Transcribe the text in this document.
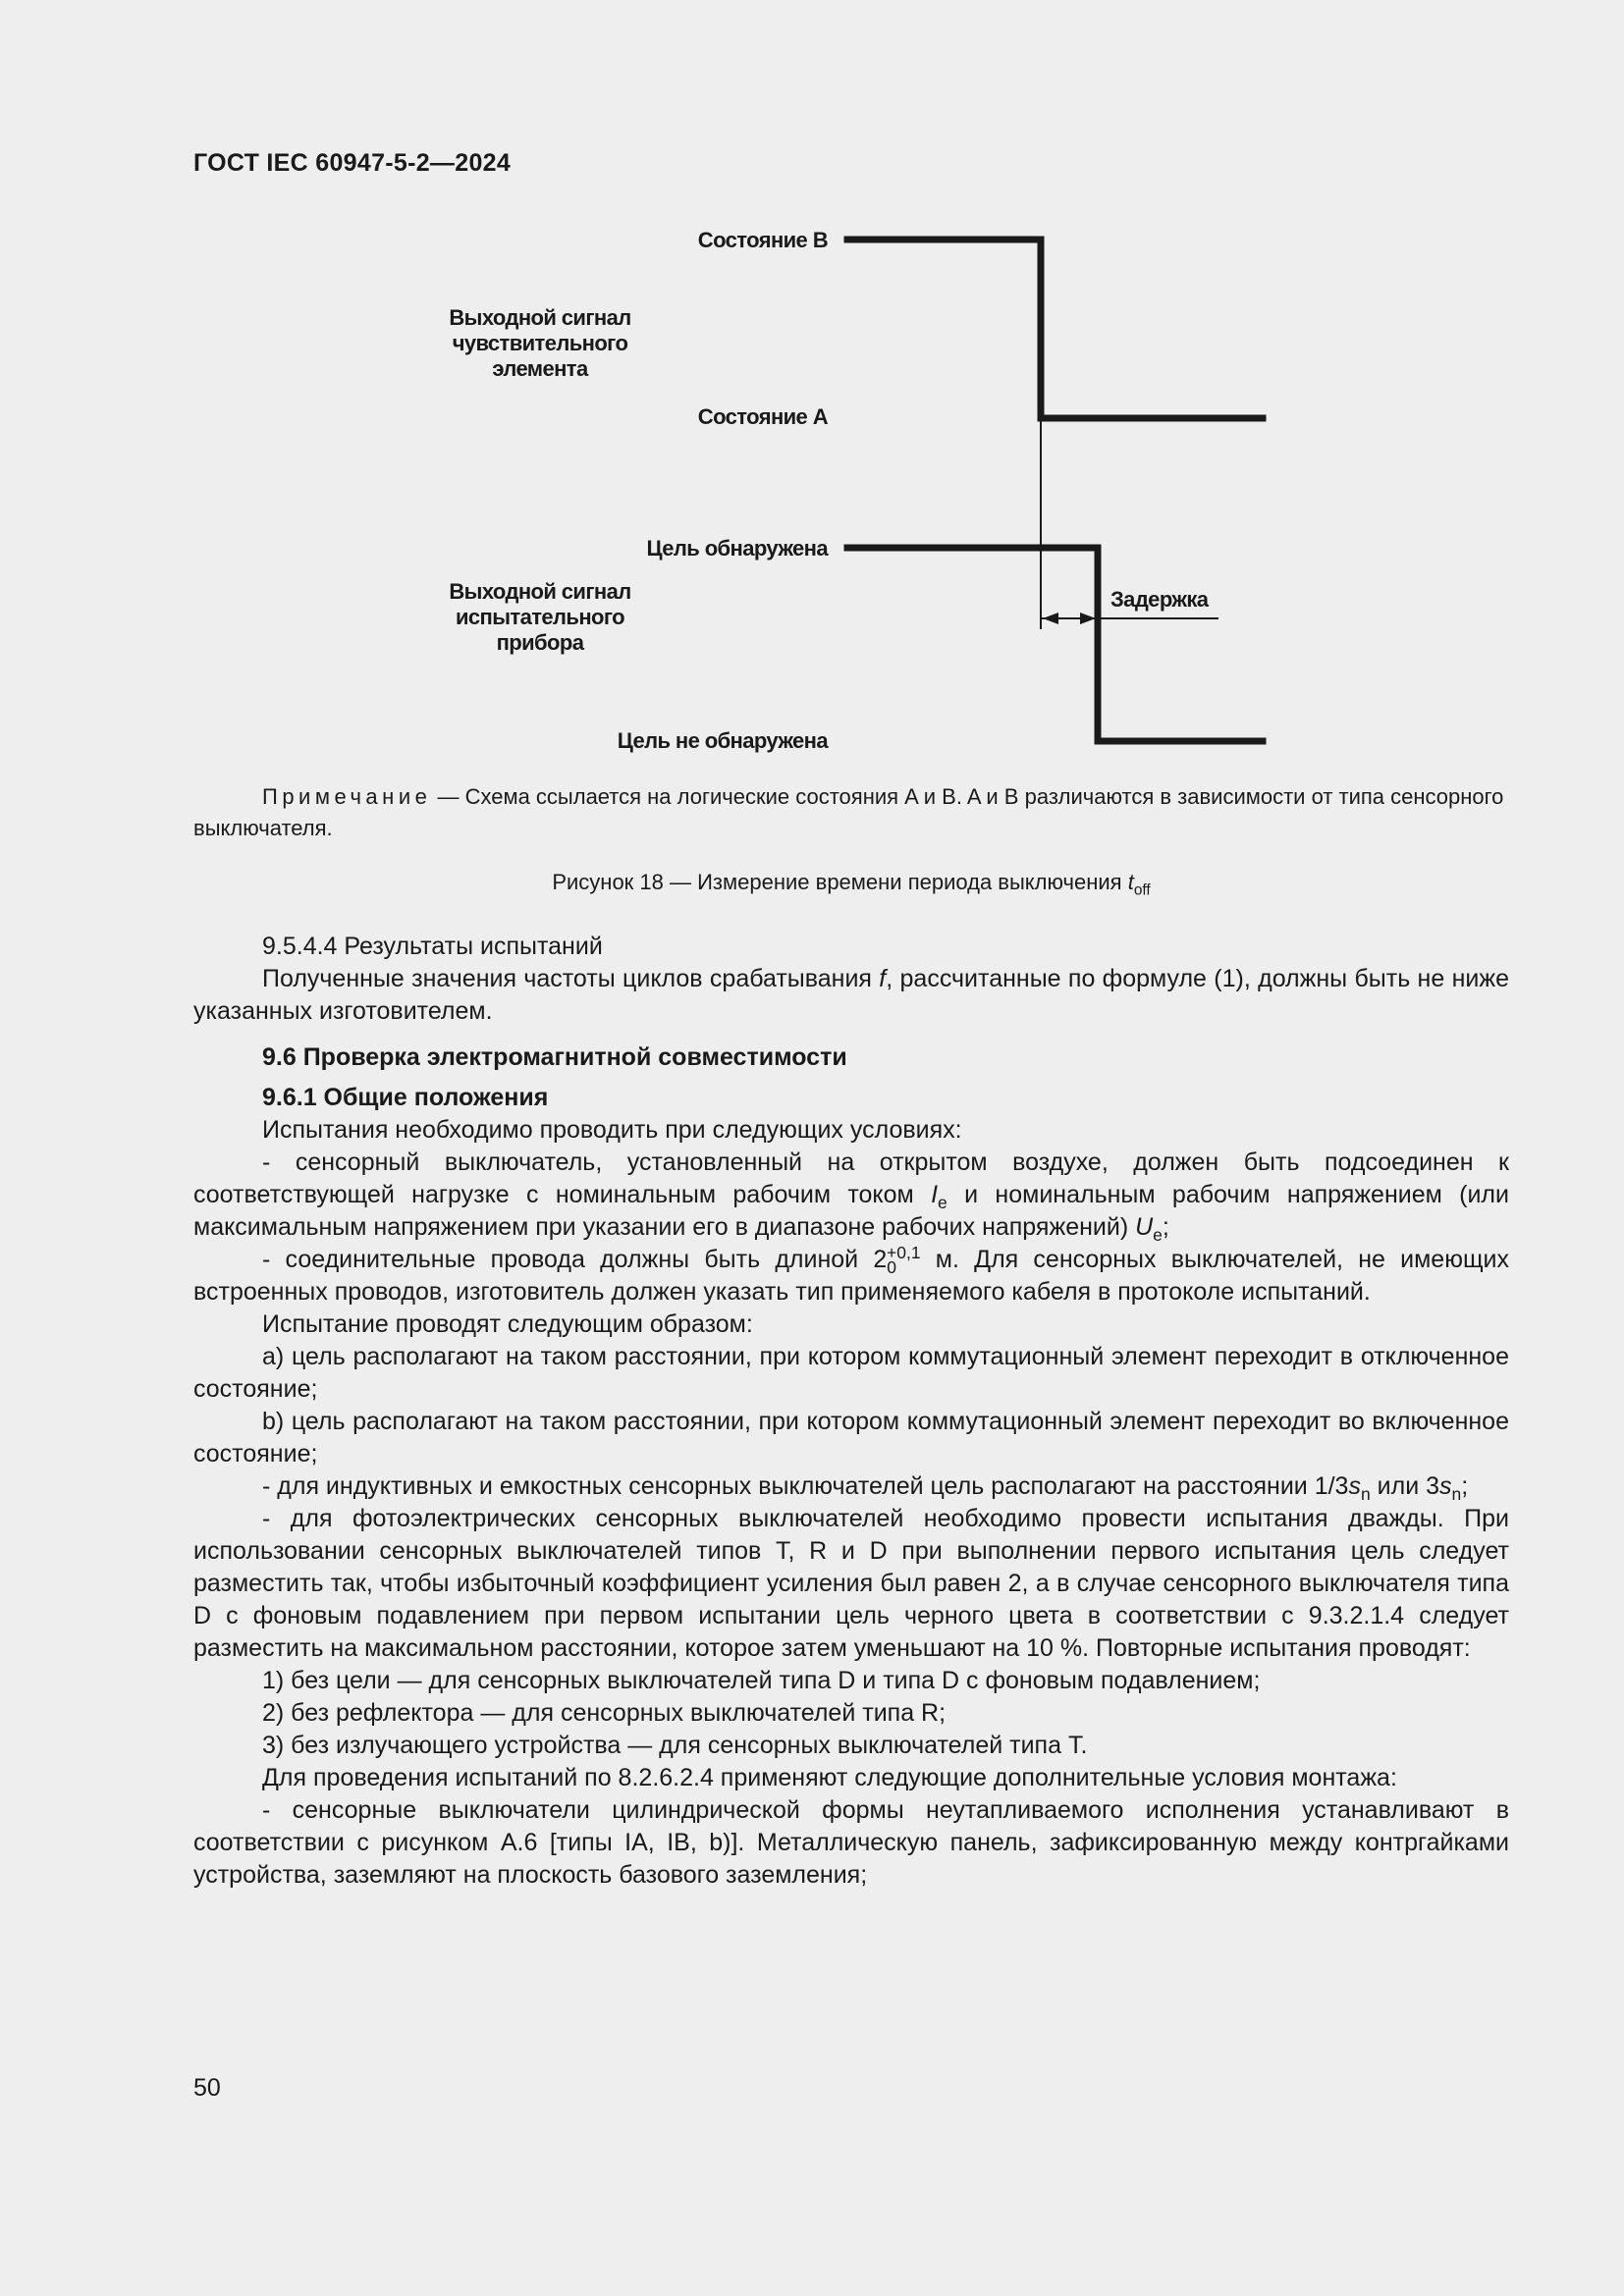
ГОСТ IEC 60947-5-2—2024
Состояние B
Состояние A
Выходной сигнал
чувствительного
элемента
Цель обнаружена
Выходной сигнал
испытательного
прибора
Цель не обнаружена
Задержка
Примечание — Схема ссылается на логические состояния A и B. A и B различаются в зависимости от типа сенсорного выключателя.
Рисунок 18 — Измерение времени периода выключения $t_{off}$

9.5.4.4 Результаты испытаний

Полученные значения частоты циклов срабатывания f, рассчитанные по формуле (1), должны быть не ниже указанных изготовителем.

9.6 Проверка электромагнитной совместимости

9.6.1 Общие положения

Испытания необходимо проводить при следующих условиях:

- сенсорный выключатель, установленный на открытом воздухе, должен быть подсоединен к соответствующей нагрузке с номинальным рабочим током $I_e$ и номинальным рабочим напряжением (или максимальным напряжением при указании его в диапазоне рабочих напряжений) $U_e$;

- соединительные провода должны быть длиной $2_0^{+0,1}$ м. Для сенсорных выключателей, не имеющих встроенных проводов, изготовитель должен указать тип применяемого кабеля в протоколе испытаний.

Испытание проводят следующим образом:

a) цель располагают на таком расстоянии, при котором коммутационный элемент переходит в отключенное состояние;

b) цель располагают на таком расстоянии, при котором коммутационный элемент переходит во включенное состояние;

- для индуктивных и емкостных сенсорных выключателей цель располагают на расстоянии $1/3s_n$ или $3s_n$;

- для фотоэлектрических сенсорных выключателей необходимо провести испытания дважды. При использовании сенсорных выключателей типов T, R и D при выполнении первого испытания цель следует разместить так, чтобы избыточный коэффициент усиления был равен 2, а в случае сенсорного выключателя типа D с фоновым подавлением при первом испытании цель черного цвета в соответствии с 9.3.2.1.4 следует разместить на максимальном расстоянии, которое затем уменьшают на 10 %. Повторные испытания проводят:

1) без цели — для сенсорных выключателей типа D и типа D с фоновым подавлением;

2) без рефлектора — для сенсорных выключателей типа R;

3) без излучающего устройства — для сенсорных выключателей типа T.

Для проведения испытаний по 8.2.6.2.4 применяют следующие дополнительные условия монтажа:

- сенсорные выключатели цилиндрической формы неутапливаемого исполнения устанавливают в соответствии с рисунком A.6 [типы IA, IB, b)]. Металлическую панель, зафиксированную между контргайками устройства, заземляют на плоскость базового заземления;

50
